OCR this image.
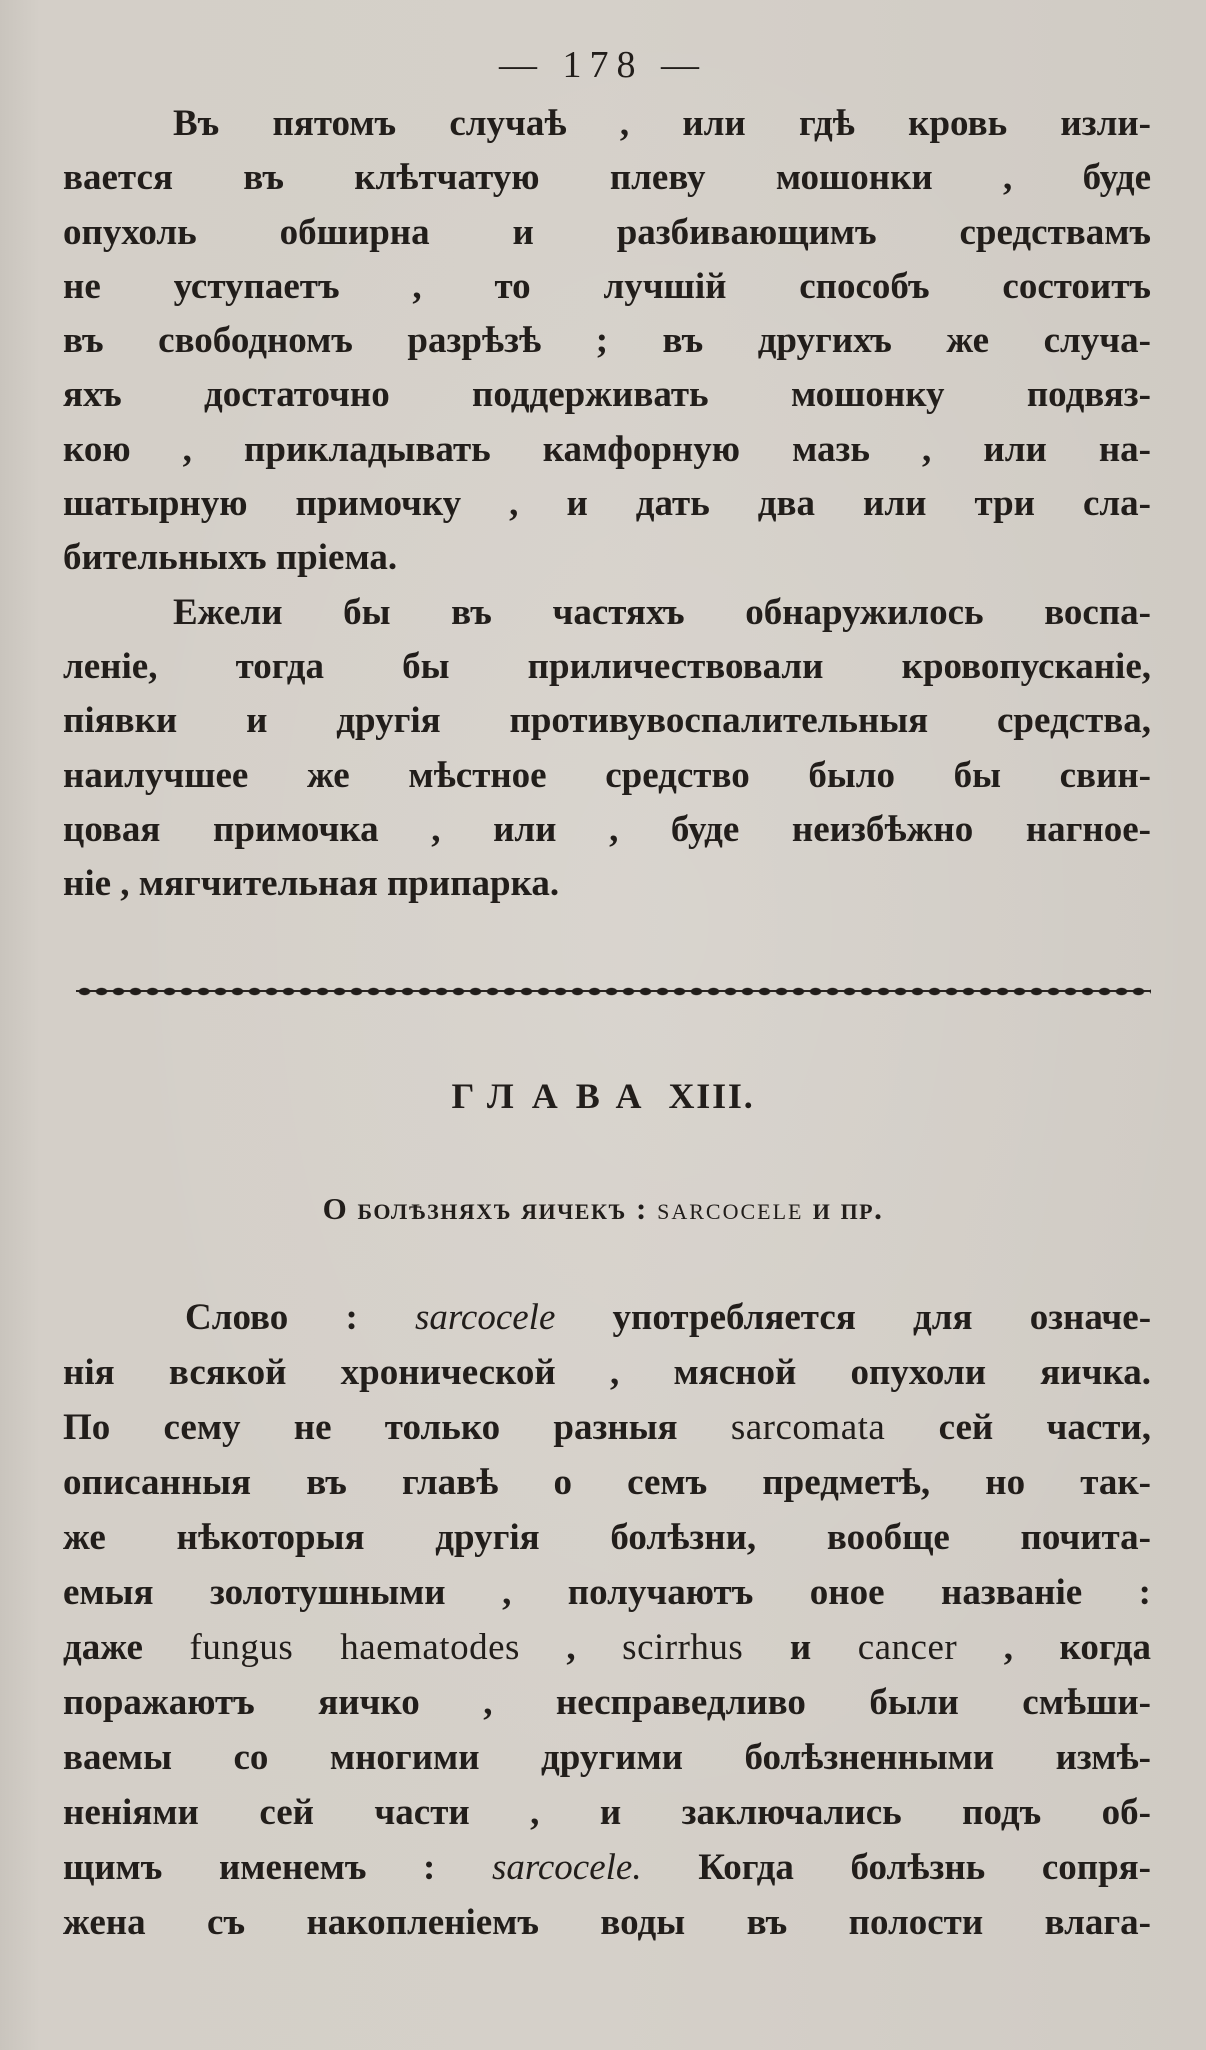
— 178 —
Въ пятомъ случаѣ , или гдѣ кровь изли-
вается въ клѣтчатую плеву мошонки , буде
опухоль обширна и разбивающимъ средствамъ
не уступаетъ , то лучшій способъ состоитъ
въ свободномъ разрѣзѣ ; въ другихъ же случа-
яхъ достаточно поддерживать мошонку подвяз-
кою , прикладывать камфорную мазь , или на-
шатырную примочку , и дать два или три сла-
бительныхъ пріема.
Ежели бы въ частяхъ обнаружилось воспа-
леніе, тогда бы приличествовали кровопусканіе,
піявки и другія противувоспалительныя средства,
наилучшее же мѣстное средство было бы свин-
цовая примочка , или , буде неизбѣжно нагное-
ніе , мягчительная припарка.
ГЛАВА XIII.
О болѣзняхъ яичекъ : sarcocele и пр.
Слово : sarcocele употребляется для означе-
нія всякой хронической , мясной опухоли яичка.
По сему не только разныя sarcomata сей части,
описанныя въ главѣ о семъ предметѣ, но так-
же нѣкоторыя другія болѣзни, вообще почита-
емыя золотушными , получаютъ оное названіе :
даже fungus haematodes , scirrhus и cancer , когда
поражаютъ яичко , несправедливо были смѣши-
ваемы со многими другими болѣзненными измѣ-
неніями сей части , и заключались подъ об-
щимъ именемъ : sarcocele. Когда болѣзнь сопря-
жена съ накопленіемъ воды въ полости влага-
